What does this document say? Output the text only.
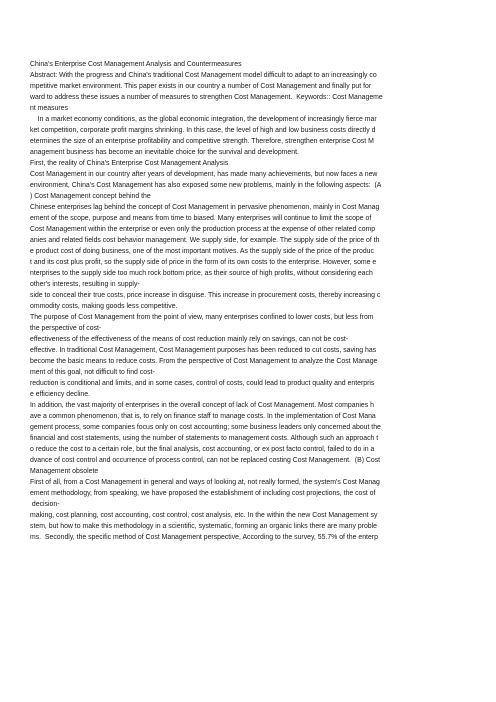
China's Enterprise Cost Management Analysis and Countermeasures
Abstract: With the progress and China's traditional Cost Management model difficult to adapt to an increasingly co
mpetitive market environment. This paper exists in our country a number of Cost Management and finally put for
ward to address these issues a number of measures to strengthen Cost Management.  Keywords:: Cost Manageme
nt measures
In a market economy conditions, as the global economic integration, the development of increasingly fierce mar
ket competition, corporate profit margins shrinking. In this case, the level of high and low business costs directly d
etermines the size of an enterprise profitability and competitive strength. Therefore, strengthen enterprise Cost M
anagement business has become an inevitable choice for the survival and development.
First, the reality of China's Enterprise Cost Management Analysis
Cost Management in our country after years of development, has made many achievements, but now faces a new
environment, China's Cost Management has also exposed some new problems, mainly in the following aspects:  (A
) Cost Management concept behind the
Chinese enterprises lag behind the concept of Cost Management in pervasive phenomenon, mainly in Cost Manag
ement of the scope, purpose and means from time to biased. Many enterprises will continue to limit the scope of
Cost Management within the enterprise or even only the production process at the expense of other related comp
anies and related fields cost behavior management. We supply side, for example. The supply side of the price of th
e product cost of doing business, one of the most important motives. As the supply side of the price of the produc
t and its cost plus profit, so the supply side of price in the form of its own costs to the enterprise. However, some e
nterprises to the supply side too much rock bottom price, as their source of high profits, without considering each
other's interests, resulting in supply-
side to conceal their true costs, price increase in disguise. This increase in procurement costs, thereby increasing c
ommodity costs, making goods less competitive.
The purpose of Cost Management from the point of view, many enterprises confined to lower costs, but less from
the perspective of cost-
effectiveness of the effectiveness of the means of cost reduction mainly rely on savings, can not be cost-
effective. In traditional Cost Management, Cost Management purposes has been reduced to cut costs, saving has
become the basic means to reduce costs. From the perspective of Cost Management to analyze the Cost Manage
ment of this goal, not difficult to find cost-
reduction is conditional and limits, and in some cases, control of costs, could lead to product quality and enterpris
e efficiency decline.
In addition, the vast majority of enterprises in the overall concept of lack of Cost Management. Most companies h
ave a common phenomenon, that is, to rely on finance staff to manage costs. In the implementation of Cost Mana
gement process, some companies focus only on cost accounting; some business leaders only concerned about the
financial and cost statements, using the number of statements to management costs. Although such an approach t
o reduce the cost to a certain role, but the final analysis, cost accounting, or ex post facto control, failed to do in a
dvance of cost control and occurrence of process control, can not be replaced costing Cost Management.  (B) Cost
Management obsolete
First of all, from a Cost Management in general and ways of looking at, not really formed, the system's Cost Manag
ement methodology, from speaking, we have proposed the establishment of including cost projections, the cost of
decision-
making, cost planning, cost accounting, cost control, cost analysis, etc. In the within the new Cost Management sy
stem, but how to make this methodology in a scientific, systematic, forming an organic links there are many proble
ms.  Secondly, the specific method of Cost Management perspective, According to the survey, 55.7% of the enterp
